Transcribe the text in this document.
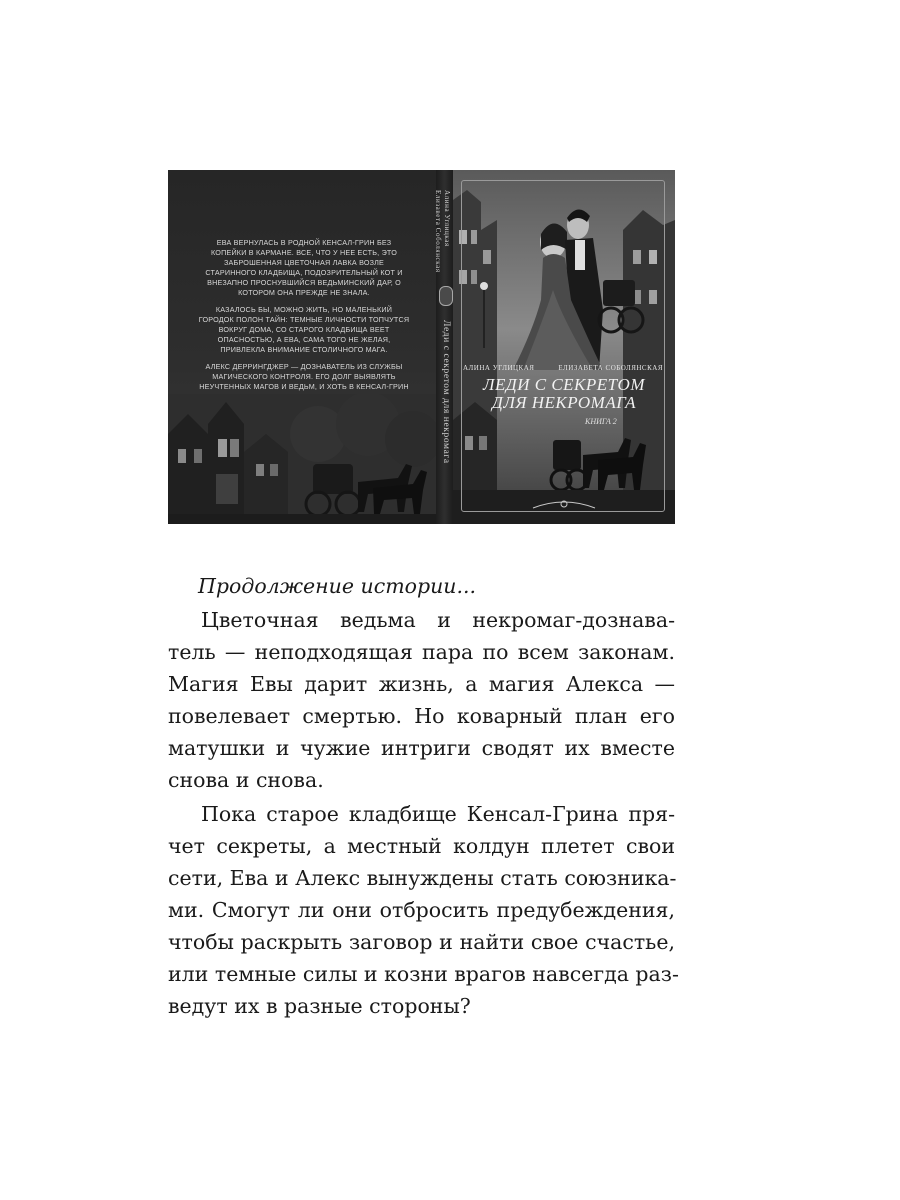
ЕВА ВЕРНУЛАСЬ В РОДНОЙ КЕНСАЛ-ГРИН БЕЗ КОПЕЙКИ В КАРМАНЕ. ВСЕ, ЧТО У НЕЕ ЕСТЬ, ЭТО ЗАБРОШЕННАЯ ЦВЕТОЧНАЯ ЛАВКА ВОЗЛЕ СТАРИННОГО КЛАДБИЩА, ПОДОЗРИТЕЛЬНЫЙ КОТ И ВНЕЗАПНО ПРОСНУВШИЙСЯ ВЕДЬМИНСКИЙ ДАР, О КОТОРОМ ОНА ПРЕЖДЕ НЕ ЗНАЛА.

КАЗАЛОСЬ БЫ, МОЖНО ЖИТЬ, НО МАЛЕНЬКИЙ ГОРОДОК ПОЛОН ТАЙН: ТЕМНЫЕ ЛИЧНОСТИ ТОПЧУТСЯ ВОКРУГ ДОМА, СО СТАРОГО КЛАДБИЩА ВЕЕТ ОПАСНОСТЬЮ, А ЕВА, САМА ТОГО НЕ ЖЕЛАЯ, ПРИВЛЕКЛА ВНИМАНИЕ СТОЛИЧНОГО МАГА.

АЛЕКС ДЕРРИНГДЖЕР — ДОЗНАВАТЕЛЬ ИЗ СЛУЖБЫ МАГИЧЕСКОГО КОНТРОЛЯ. ЕГО ДОЛГ ВЫЯВЛЯТЬ НЕУЧТЕННЫХ МАГОВ И ВЕДЬМ, И ХОТЬ В КЕНСАЛ-ГРИН

Алина Углицкая
Елизавета Соболянская
Леди с секретом для некромага АЛИНА УГЛИЦКАЯ	ЕЛИЗАВЕТА СОБОЛЯНСКАЯ
ЛЕДИ С СЕКРЕТОМ
ДЛЯ НЕКРОМАГА
КНИГА 2
Продолжение истории...
Цветочная ведьма и некромаг-дознава-
тель — неподходящая пара по всем законам.
Магия Евы дарит жизнь, а магия Алекса —
повелевает смертью. Но коварный план его
матушки и чужие интриги сводят их вместе
снова и снова.
Пока старое кладбище Кенсал-Грина пря-
чет секреты, а местный колдун плетет свои
сети, Ева и Алекс вынуждены стать союзника-
ми. Смогут ли они отбросить предубеждения,
чтобы раскрыть заговор и найти свое счастье,
или темные силы и козни врагов навсегда раз-
ведут их в разные стороны?
